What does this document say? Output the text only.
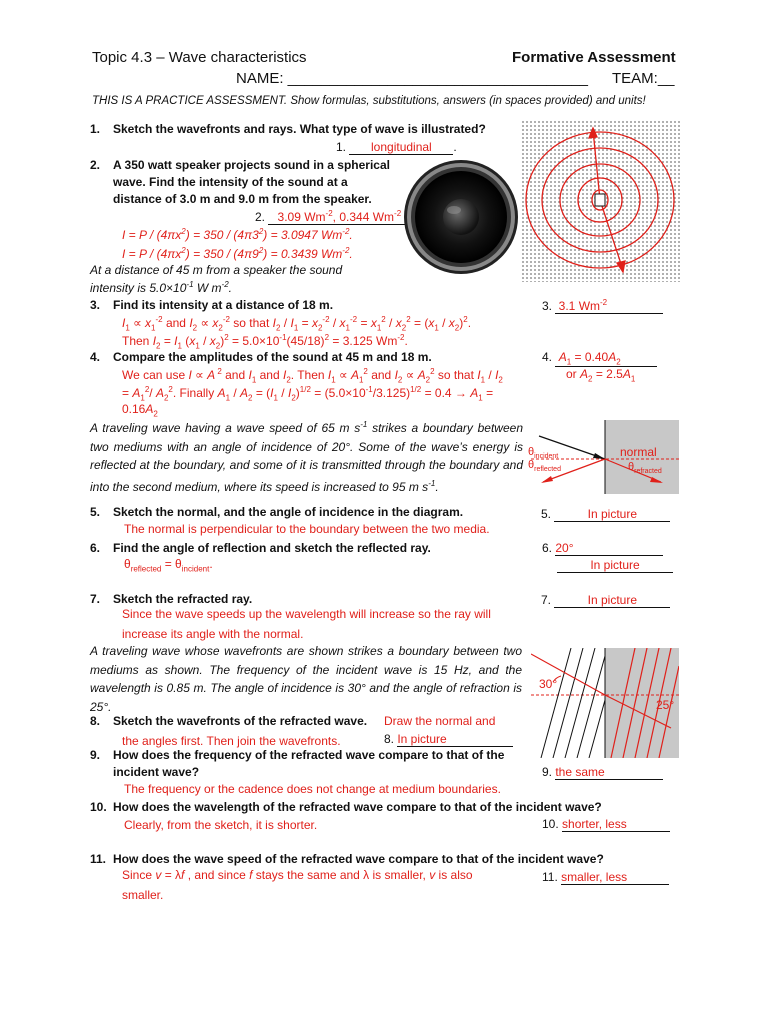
Topic 4.3 – Wave characteristics	Formative Assessment
NAME: ____________________________________ TEAM:__
THIS IS A PRACTICE ASSESSMENT. Show formulas, substitutions, answers (in spaces provided) and units!
1. Sketch the wavefronts and rays. What type of wave is illustrated?
1. longitudinal .
2. A 350 watt speaker projects sound in a spherical
wave. Find the intensity of the sound at a
distance of 3.0 m and 9.0 m from the speaker.
2. 3.09 $Wm^{-2}$, 0.344 $Wm^{-2}$
$I = P / (4\pi x^2) = 350 / (4\pi 3^2) = 3.0947$ $Wm^{-2}$.
$I = P / (4\pi x^2) = 350 / (4\pi 9^2) = 0.3439$ $Wm^{-2}$.
At a distance of 45 m from a speaker the sound
intensity is $5.0\times 10^{-1}$ W $m^{-2}$.
3. Find its intensity at a distance of 18 m.	3.  3.1 $Wm^{-2}$
$I_1 \propto x_1^{-2}$ and $I_2 \propto x_2^{-2}$ so that $I_2 / I_1 = x_2^{-2} / x_1^{-2} = x_1^2 / x_2^2 = (x_1 / x_2)^2$.
Then $I_2 = I_1$ $(x_1 / x_2)^2 = 5.0\times 10^{-1}(45/18)^2 = 3.125$ $Wm^{-2}$.
4. Compare the amplitudes of the sound at 45 m and 18 m.	4.  $A_1 = 0.40A_2$
or $A_2 = 2.5A_1$
We can use I ∝ A $^2$ and $I_1$ and $I_2$. Then $I_1 \propto A_1^2$ and $I_2 \propto A_2^2$ so that $I_1 / I_2$
= $A_1^2/$ $A_2^2$. Finally $A_1 / A_2 = (I_1 / I_2)^{1/2} = (5.0\times 10^{-1}/3.125)^{1/2} = 0.4 \to A_1$ =
$0.16A_2$
A traveling wave having a wave speed of 65 m $s^{-1}$ strikes a boundary between two mediums with an angle of incidence of 20°. Some of the wave’s energy is reflected at the boundary, and some of it is transmitted through the boundary and into the second medium, where its speed is increased to 95 m $s^{-1}$.
$\theta_{incident}$
$\theta_{reflected}$
normal
$\theta_{refracted}$
5. Sketch the normal, and the angle of incidence in the diagram.
The normal is perpendicular to the boundary between the two media.
5.	In picture
6. Find the angle of reflection and sketch the reflected ray.
$\theta_{reflected} = \theta_{incident}$.
6. 20°
In picture
7. Sketch the refracted ray.
Since the wave speeds up the wavelength will increase so the ray will
increase its angle with the normal.
7.	In picture
A traveling wave whose wavefronts are shown strikes a boundary between two mediums as shown. The frequency of the incident wave is 15 Hz, and the wavelength is 0.85 m. The angle of incidence is 30° and the angle of refraction is 25°.
30°
25°
8. Sketch the wavefronts of the refracted wave. Draw the normal and
the angles first. Then join the wavefronts.	8. In picture
9. How does the frequency of the refracted wave compare to that of the
incident wave?
The frequency or the cadence does not change at medium boundaries.
9. the same
10. How does the wavelength of the refracted wave compare to that of the incident wave?
Clearly, from the sketch, it is shorter.	10. shorter, less
11. How does the wave speed of the refracted wave compare to that of the incident wave?
Since v = λf , and since f stays the same and λ is smaller, v is also
smaller.
11. smaller, less
